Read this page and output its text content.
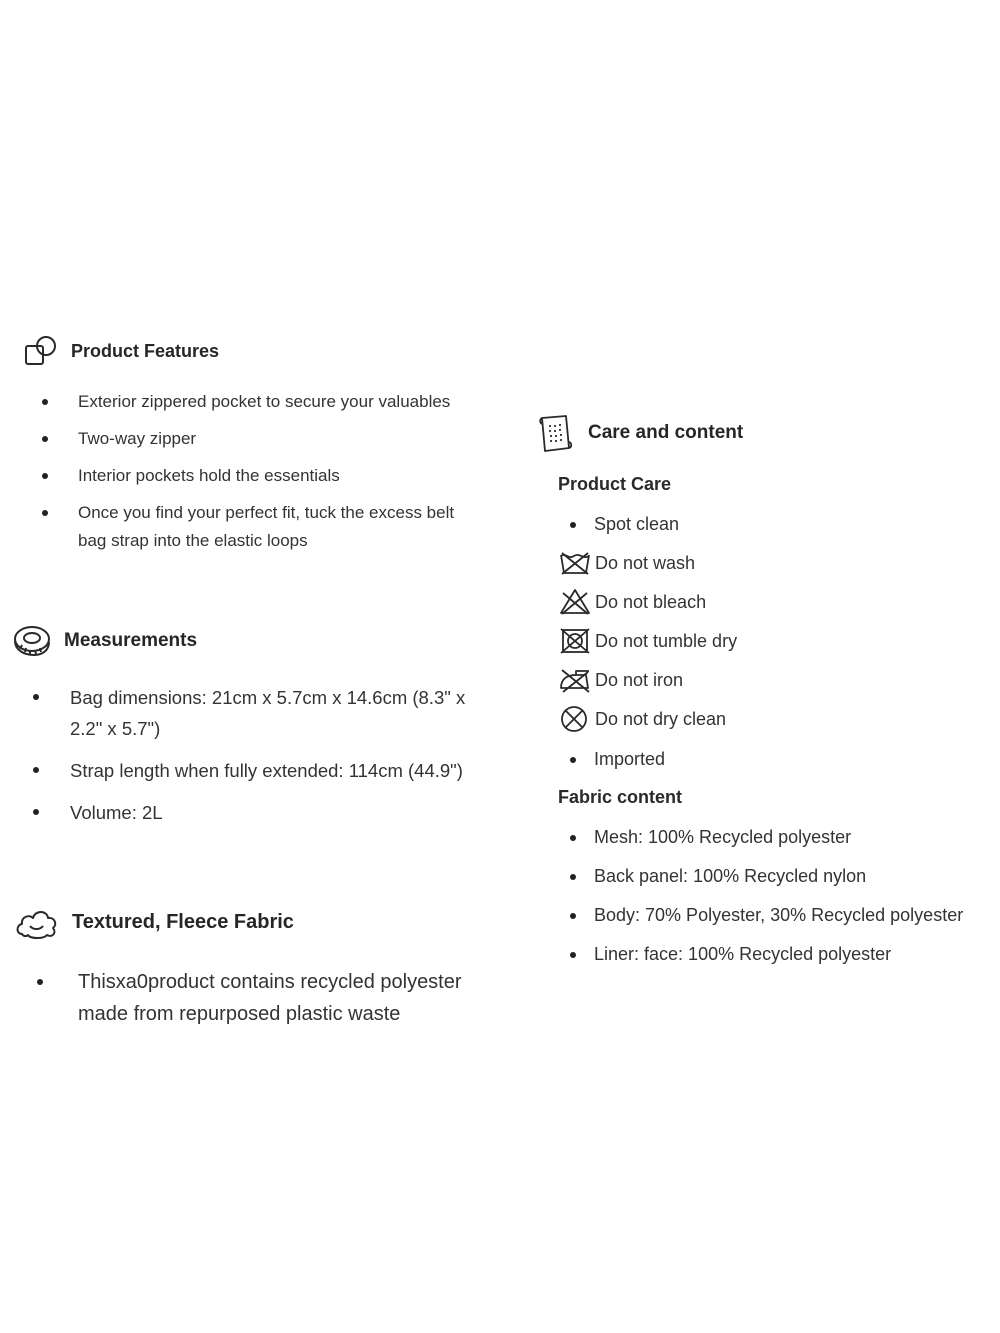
Product Features
Exterior zippered pocket to secure your valuables
Two-way zipper
Interior pockets hold the essentials
Once you find your perfect fit, tuck the excess belt bag strap into the elastic loops
Measurements
Bag dimensions: 21cm x 5.7cm x 14.6cm (8.3" x 2.2" x 5.7")
Strap length when fully extended: 114cm (44.9")
Volume: 2L
Textured, Fleece Fabric
Thisxa0product contains recycled polyester made from repurposed plastic waste
Care and content
Product Care
Spot clean
Do not wash
Do not bleach
Do not tumble dry
Do not iron
Do not dry clean
Imported
Fabric content
Mesh: 100% Recycled polyester
Back panel: 100% Recycled nylon
Body: 70% Polyester, 30% Recycled polyester
Liner: face: 100% Recycled polyester
